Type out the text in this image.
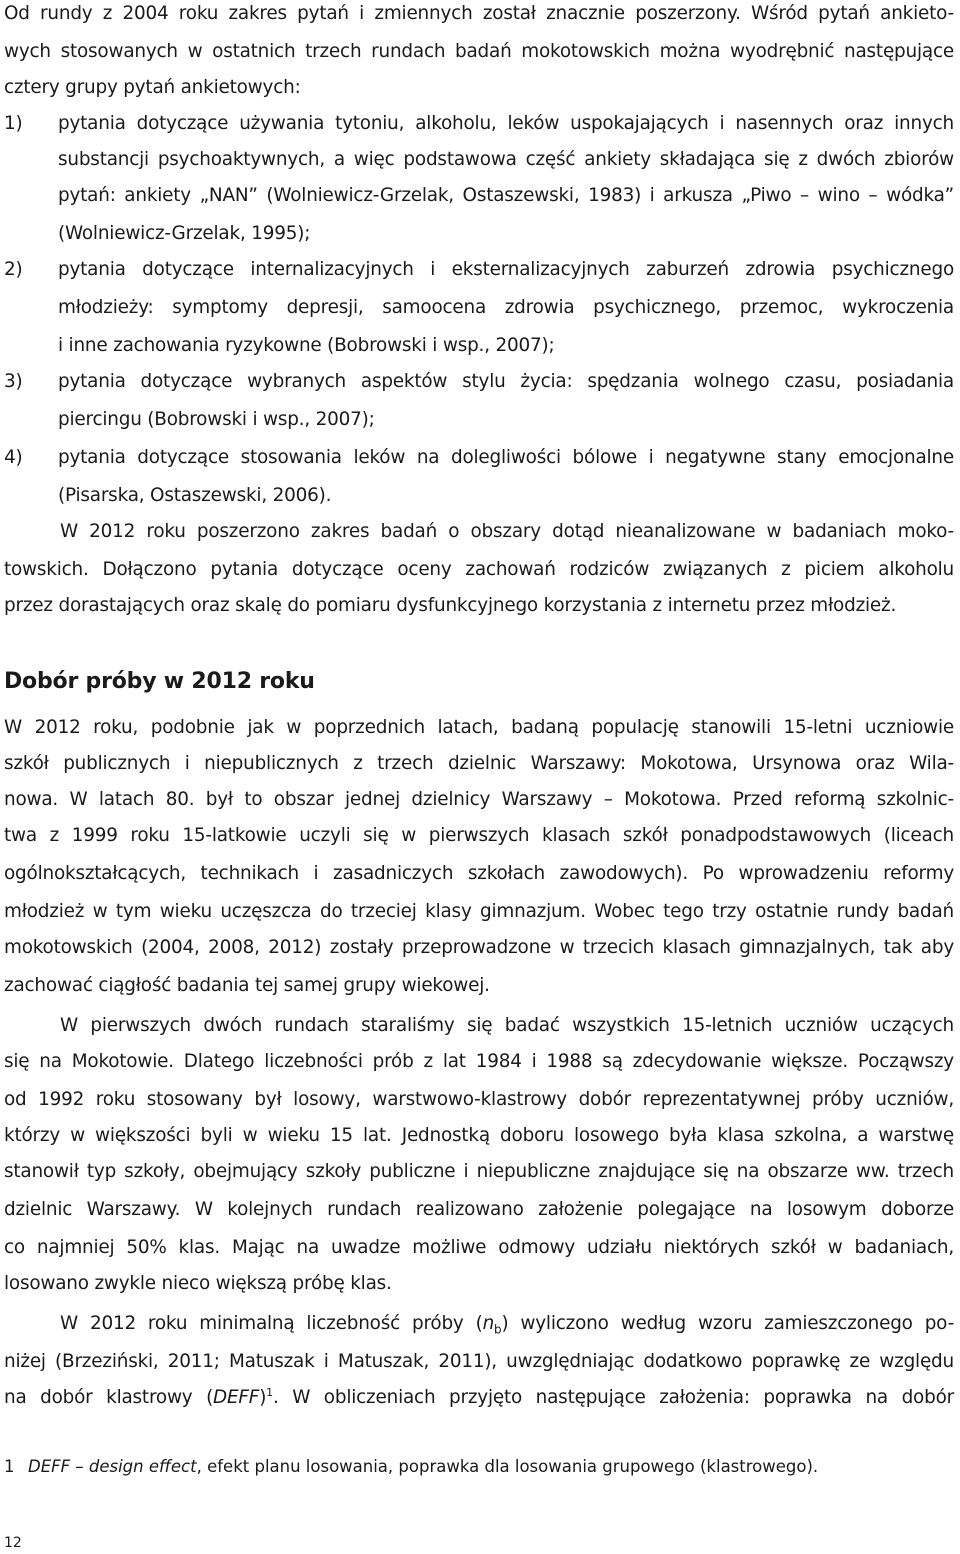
Od rundy z 2004 roku zakres pytań i zmiennych został znacznie poszerzony. Wśród pytań ankieto-
wych stosowanych w ostatnich trzech rundach badań mokotowskich można wyodrębnić następujące
cztery grupy pytań ankietowych:
1) pytania dotyczące używania tytoniu, alkoholu, leków uspokajających i nasennych oraz innych
substancji psychoaktywnych, a więc podstawowa część ankiety składająca się z dwóch zbiorów
pytań: ankiety „NAN” (Wolniewicz-Grzelak, Ostaszewski, 1983) i arkusza „Piwo – wino – wódka”
(Wolniewicz-Grzelak, 1995);
2) pytania dotyczące internalizacyjnych i eksternalizacyjnych zaburzeń zdrowia psychicznego
młodzieży: symptomy depresji, samoocena zdrowia psychicznego, przemoc, wykroczenia
i inne zachowania ryzykowne (Bobrowski i wsp., 2007);
3) pytania dotyczące wybranych aspektów stylu życia: spędzania wolnego czasu, posiadania
piercingu (Bobrowski i wsp., 2007);
4) pytania dotyczące stosowania leków na dolegliwości bólowe i negatywne stany emocjonalne
(Pisarska, Ostaszewski, 2006).
W 2012 roku poszerzono zakres badań o obszary dotąd nieanalizowane w badaniach moko-
towskich. Dołączono pytania dotyczące oceny zachowań rodziców związanych z piciem alkoholu
przez dorastających oraz skalę do pomiaru dysfunkcyjnego korzystania z internetu przez młodzież.
Dobór próby w 2012 roku
W 2012 roku, podobnie jak w poprzednich latach, badaną populację stanowili 15-letni uczniowie
szkół publicznych i niepublicznych z trzech dzielnic Warszawy: Mokotowa, Ursynowa oraz Wila-
nowa. W latach 80. był to obszar jednej dzielnicy Warszawy – Mokotowa. Przed reformą szkolnic-
twa z 1999 roku 15-latkowie uczyli się w pierwszych klasach szkół ponadpodstawowych (liceach
ogólnokształcących, technikach i zasadniczych szkołach zawodowych). Po wprowadzeniu reformy
młodzież w tym wieku uczęszcza do trzeciej klasy gimnazjum. Wobec tego trzy ostatnie rundy badań
mokotowskich (2004, 2008, 2012) zostały przeprowadzone w trzecich klasach gimnazjalnych, tak aby
zachować ciągłość badania tej samej grupy wiekowej.
W pierwszych dwóch rundach staraliśmy się badać wszystkich 15-letnich uczniów uczących
się na Mokotowie. Dlatego liczebności prób z lat 1984 i 1988 są zdecydowanie większe. Począwszy
od 1992 roku stosowany był losowy, warstwowo-klastrowy dobór reprezentatywnej próby uczniów,
którzy w większości byli w wieku 15 lat. Jednostką doboru losowego była klasa szkolna, a warstwę
stanowił typ szkoły, obejmujący szkoły publiczne i niepubliczne znajdujące się na obszarze ww. trzech
dzielnic Warszawy. W kolejnych rundach realizowano założenie polegające na losowym doborze
co najmniej 50% klas. Mając na uwadze możliwe odmowy udziału niektórych szkół w badaniach,
losowano zwykle nieco większą próbę klas.
W 2012 roku minimalną liczebność próby $(n_b)$ wyliczono według wzoru zamieszczonego po-
niżej (Brzeziński, 2011; Matuszak i Matuszak, 2011), uwzględniając dodatkowo poprawkę ze względu
na dobór klastrowy (DEFF)$^1$. W obliczeniach przyjęto następujące założenia: poprawka na dobór
1 DEFF – design effect, efekt planu losowania, poprawka dla losowania grupowego (klastrowego).
12
